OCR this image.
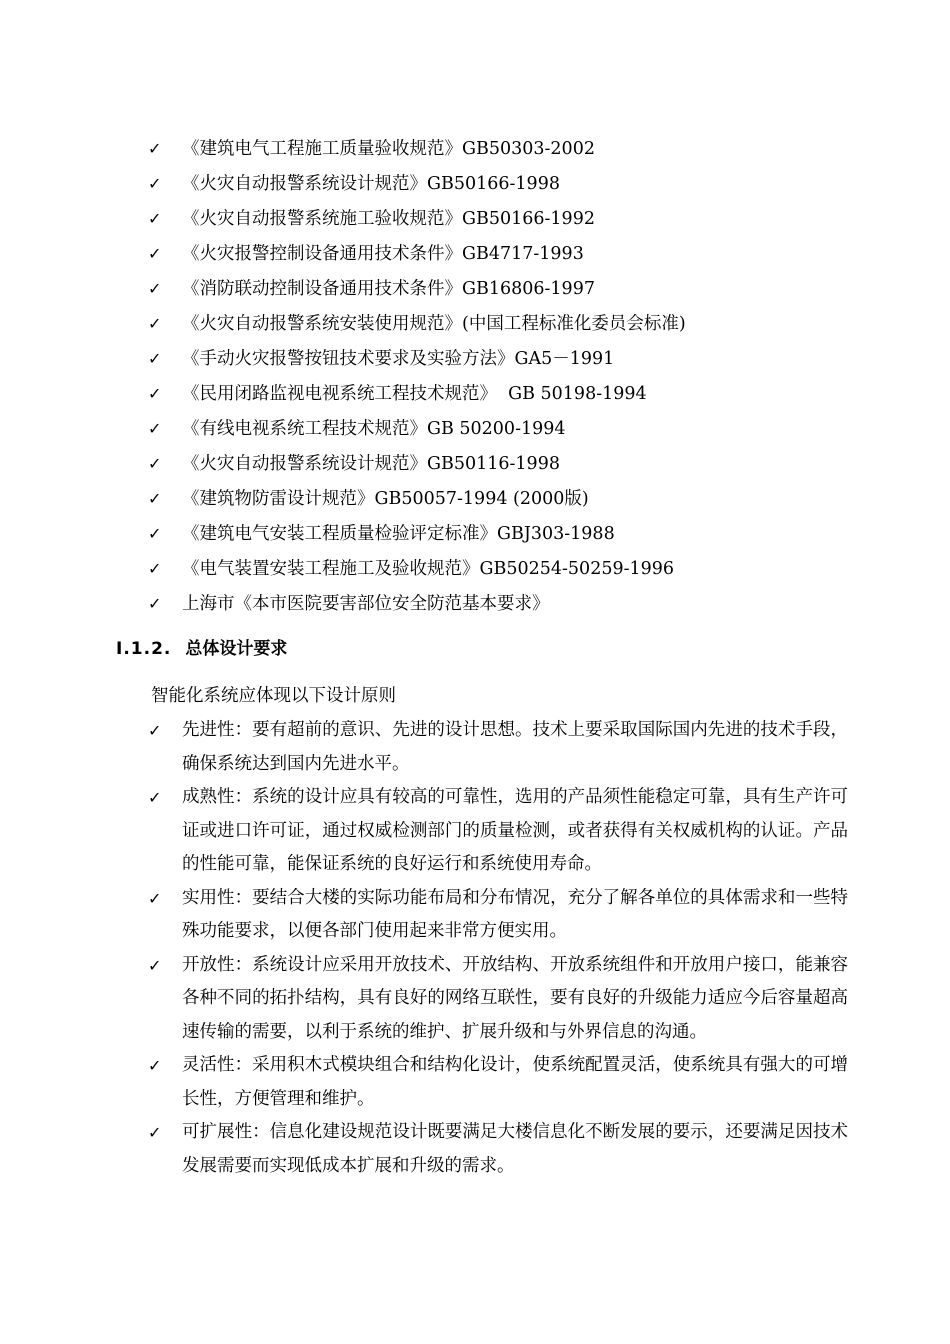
✓	《建筑电气工程施工质量验收规范》GB50303-2002
✓	《火灾自动报警系统设计规范》GB50166-1998
✓	《火灾自动报警系统施工验收规范》GB50166-1992
✓	《火灾报警控制设备通用技术条件》GB4717-1993
✓	《消防联动控制设备通用技术条件》GB16806-1997
✓	《火灾自动报警系统安装使用规范》(中国工程标准化委员会标准)
✓	《手动火灾报警按钮技术要求及实验方法》GA5－1991
✓	《民用闭路监视电视系统工程技术规范》  GB 50198-1994
✓	《有线电视系统工程技术规范》GB 50200-1994
✓	《火灾自动报警系统设计规范》GB50116-1998
✓	《建筑物防雷设计规范》GB50057-1994 (2000版)
✓	《建筑电气安装工程质量检验评定标准》GBJ303-1988
✓	《电气装置安装工程施工及验收规范》GB50254-50259-1996
✓	上海市《本市医院要害部位安全防范基本要求》
I.1.2. 总体设计要求
智能化系统应体现以下设计原则
✓	先进性：要有超前的意识、先进的设计思想。技术上要采取国际国内先进的技术手段，确保系统达到国内先进水平。
✓	成熟性：系统的设计应具有较高的可靠性，选用的产品须性能稳定可靠，具有生产许可证或进口许可证，通过权威检测部门的质量检测，或者获得有关权威机构的认证。产品的性能可靠，能保证系统的良好运行和系统使用寿命。
✓	实用性：要结合大楼的实际功能布局和分布情况，充分了解各单位的具体需求和一些特殊功能要求，以便各部门使用起来非常方便实用。
✓	开放性：系统设计应采用开放技术、开放结构、开放系统组件和开放用户接口，能兼容各种不同的拓扑结构，具有良好的网络互联性，要有良好的升级能力适应今后容量超高速传输的需要，以利于系统的维护、扩展升级和与外界信息的沟通。
✓	灵活性：采用积木式模块组合和结构化设计，使系统配置灵活，使系统具有强大的可增长性，方便管理和维护。
✓	可扩展性：信息化建设规范设计既要满足大楼信息化不断发展的要示，还要满足因技术发展需要而实现低成本扩展和升级的需求。
